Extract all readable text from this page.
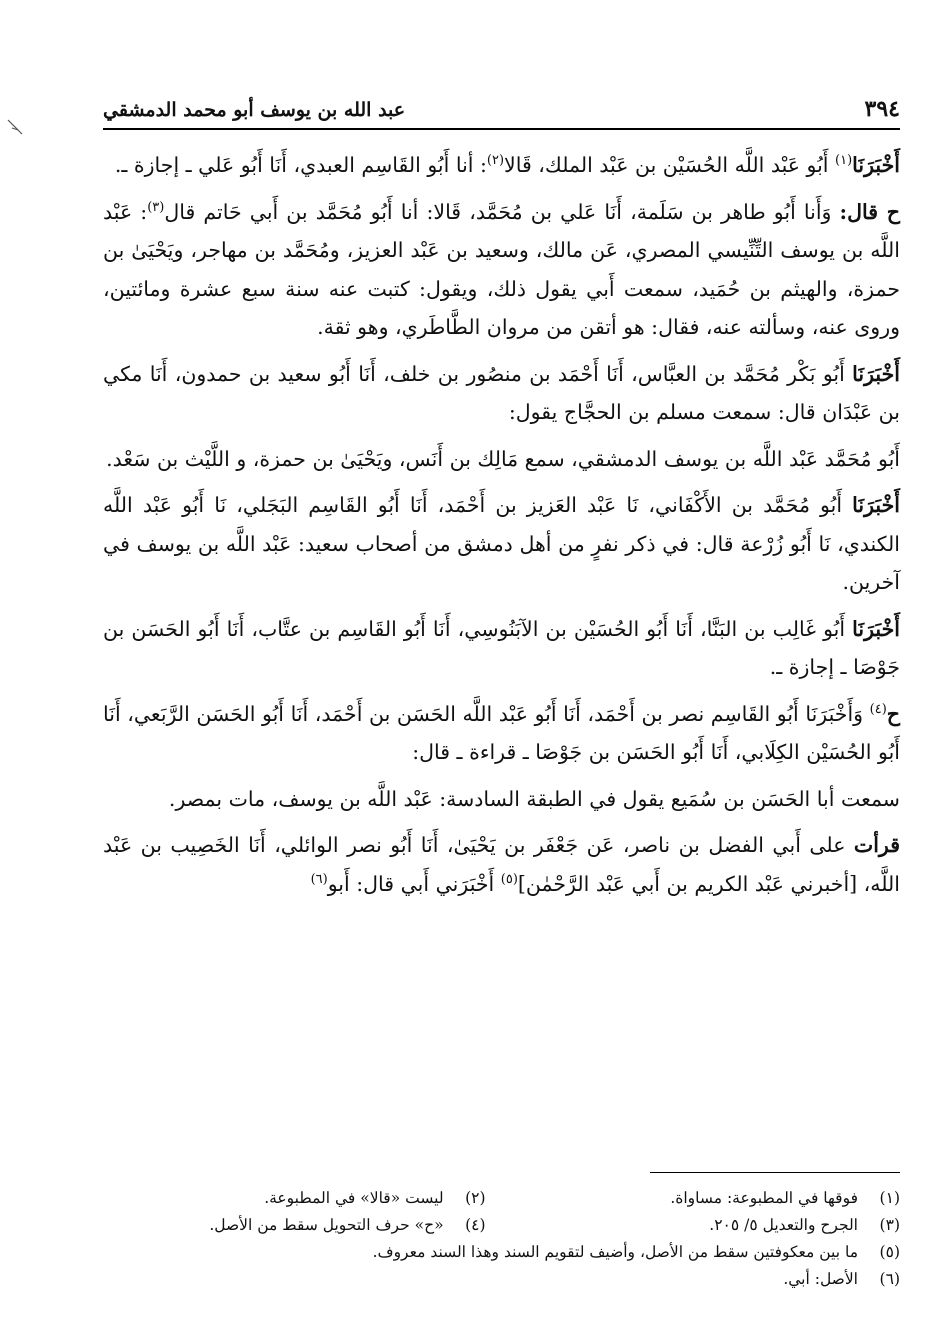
٣٩٤
عبد الله بن يوسف أبو محمد الدمشقي

أَخْبَرَنَا$^{(١)}$ أَبُو عَبْد اللَّه الحُسَيْن بن عَبْد الملك، قَالا$^{(٢)}$: أنا أَبُو القَاسِم العبدي، أَنَا أَبُو عَلي ـ إجازة ـ.

ح قال: وَأَنا أَبُو طاهر بن سَلَمة، أَنَا عَلي بن مُحَمَّد، قَالا: أنا أَبُو مُحَمَّد بن أَبي حَاتم قال$^{(٣)}$: عَبْد اللَّه بن يوسف التِّنِّيسي المصري، عَن مالك، وسعيد بن عَبْد العزيز، ومُحَمَّد بن مهاجر، ويَحْيَىٰ بن حمزة، والهيثم بن حُمَيد، سمعت أَبي يقول ذلك، ويقول: كتبت عنه سنة سبع عشرة ومائتين، وروى عنه، وسألته عنه، فقال: هو أتقن من مروان الطَّاطَري، وهو ثقة.

أَخْبَرَنَا أَبُو بَكْر مُحَمَّد بن العبَّاس، أَنَا أَحْمَد بن منصُور بن خلف، أَنَا أَبُو سعيد بن حمدون، أَنَا مكي بن عَبْدَان قال: سمعت مسلم بن الحجَّاج يقول:

أَبُو مُحَمَّد عَبْد اللَّه بن يوسف الدمشقي، سمع مَالِك بن أَنَس، ويَحْيَىٰ بن حمزة، و اللَّيْث بن سَعْد.

أَخْبَرَنَا أَبُو مُحَمَّد بن الأَكْفَاني، نَا عَبْد العَزيز بن أَحْمَد، أَنَا أَبُو القَاسِم البَجَلي، نَا أَبُو عَبْد اللَّه الكندي، نَا أَبُو زُرْعة قال: في ذكر نفرٍ من أهل دمشق من أصحاب سعيد: عَبْد اللَّه بن يوسف في آخرين.

أَخْبَرَنَا أَبُو غَالِب بن البَنَّا، أَنَا أَبُو الحُسَيْن بن الآبَنُوسِي، أَنَا أَبُو القَاسِم بن عتَّاب، أَنَا أَبُو الحَسَن بن جَوْصَا ـ إجازة ـ.

ح$^{(٤)}$ وَأَخْبَرَنَا أَبُو القَاسِم نصر بن أَحْمَد، أَنَا أَبُو عَبْد اللَّه الحَسَن بن أَحْمَد، أَنَا أَبُو الحَسَن الرَّبَعي، أَنَا أَبُو الحُسَيْن الكِلَابي، أَنَا أَبُو الحَسَن بن جَوْصَا ـ قراءة ـ قال:

سمعت أبا الحَسَن بن سُمَيع يقول في الطبقة السادسة: عَبْد اللَّه بن يوسف، مات بمصر.

قرأت على أَبي الفضل بن ناصر، عَن جَعْفَر بن يَحْيَىٰ، أَنَا أَبُو نصر الوائلي، أَنَا الخَصِيب بن عَبْد اللَّه، [أخبرني عَبْد الكريم بن أَبي عَبْد الرَّحْمٰن]$^{(٥)}$ أَخْبَرَني أَبي قال: أَبو$^{(٦)}$

(١)
فوقها في المطبوعة: مساواة.
(٢)
ليست «قالا» في المطبوعة.
(٣)
الجرح والتعديل ٥/ ٢٠٥.
(٤)
«ح» حرف التحويل سقط من الأصل.
(٥)
ما بين معكوفتين سقط من الأصل، وأضيف لتقويم السند وهذا السند معروف.
(٦)
الأصل: أبي.
